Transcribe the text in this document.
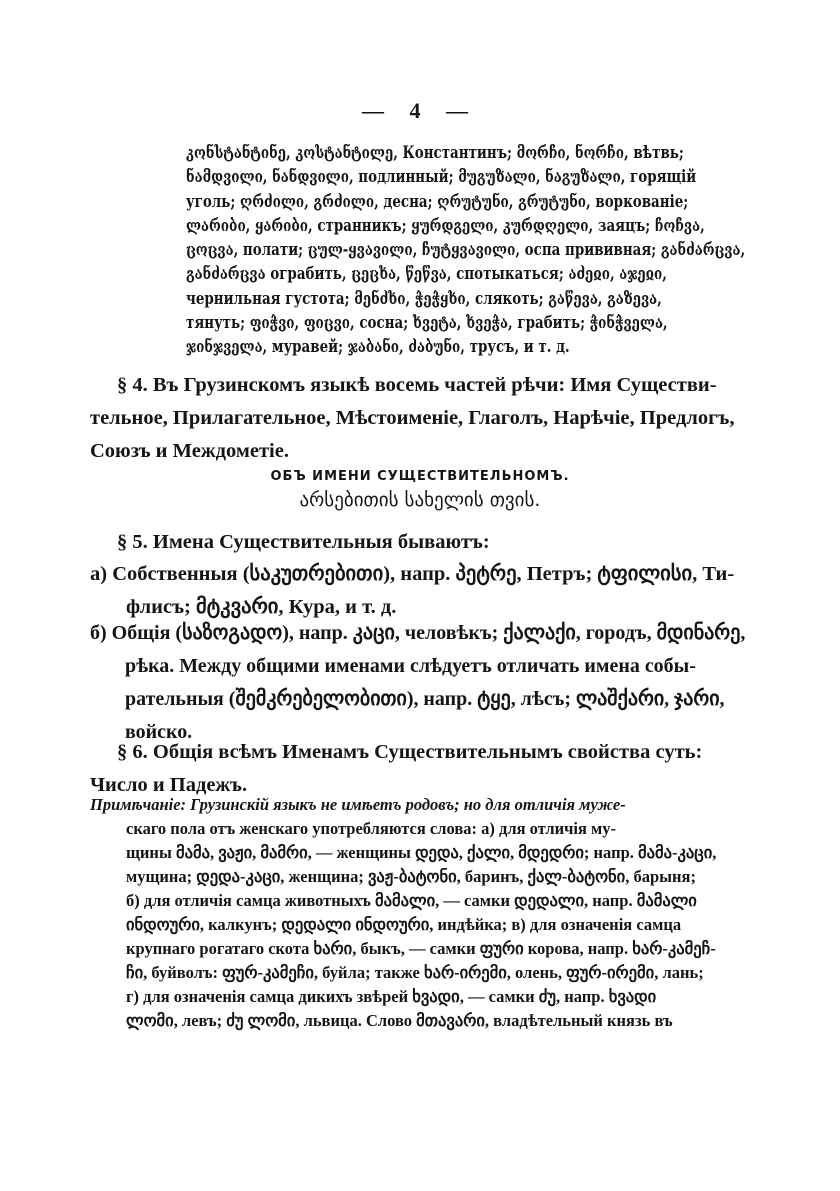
— 4 —
კონსტანტინე, კოსტანტილე, Константинъ; მორჩი, ნორჩი, вѣтвь;
ნამდვილი, ნანდვილი, подлинный; მუგუზალი, ნაგუზალი, горящій
уголь; ღრძილი, გრძილი, десна; ღრუტუნი, გრუტუნი, воркованіе;
ლარიბი, ყარიბი, странникъ; ყურდგელი, კურდღელი, заяцъ; ჩოჩვა,
ცოცვა, полати; ცულ-ყვავილი, ჩუტყვავილი, оспа прививная; განძარცვა,
განძარცვა ограбить, ცეცხა, წეწვა, спотыкаться; აძეჲი, აჯეჲი,
чернильная густота; მენძხი, ჭეჭყხი, слякоть; გაწევა, გაზევა,
тянуть; ფიჭვი, ფიცვი, сосна; ხვეტა, ხვეჭა, грабить; ჭინჭველა,
ჯინჯველა, муравей; ჯაბანი, ძაბუნი, трусъ, и т. д.
§ 4. Въ Грузинскомъ языкѣ восемь частей рѣчи: Имя Существи-
тельное, Прилагательное, Мѣстоименіе, Глаголъ, Нарѣчіе, Предлогъ,
Союзъ и Междометіе.
ОБЪ ИМЕНИ СУЩЕСТВИТЕЛЬНОМЪ.
არსებითის სახელის თვის.
§ 5. Имена Существительныя бываютъ:
а) Собственныя (საკუთრებითი), напр. პეტრე, Петръ; ტფილისი, Ти-
флисъ; მტკვარი, Кура, и т. д.
б) Общія (საზოგადო), напр. კაცი, человѣкъ; ქალაქი, городъ, მდინარე,
рѣка. Между общими именами слѣдуетъ отличать имена собы-
рательныя (შემკრებელობითი), напр. ტყე, лѣсъ; ლაშქარი, ჯარი,
войско.
§ 6. Общія всѣмъ Именамъ Существительнымъ свойства суть:
Число и Падежъ.
Примѣчаніе: Грузинскій языкъ не имѣетъ родовъ; но для отличія муже-
скаго пола отъ женскаго употребляются слова: а) для отличія му-
щины მამა, ვაჟი, მამრი, — женщины დედა, ქალი, მდედრი; напр. მამა-კაცი,
мущина; დედა-კაცი, женщина; ვაჟ-ბატონი, баринъ, ქალ-ბატონი, барыня;
б) для отличія самца животныхъ მამალი, — самки დედალი, напр. მამალი
ინდოური, калкунъ; დედალი ინდოური, индѣйка; в) для означенія самца
крупнаго рогатаго скота ხარი, быкъ, — самки ფური корова, напр. ხარ-კამეჩ-
ჩი, буйволъ: ფურ-კამეჩი, буйла; также ხარ-ირემი, олень, ფურ-ირემი, лань;
г) для означенія самца дикихъ звѣрей ხვადი, — самки ძუ, напр. ხვადი
ლომი, левъ; ძუ ლომი, львица. Слово მთავარი, владѣтельный князь въ
